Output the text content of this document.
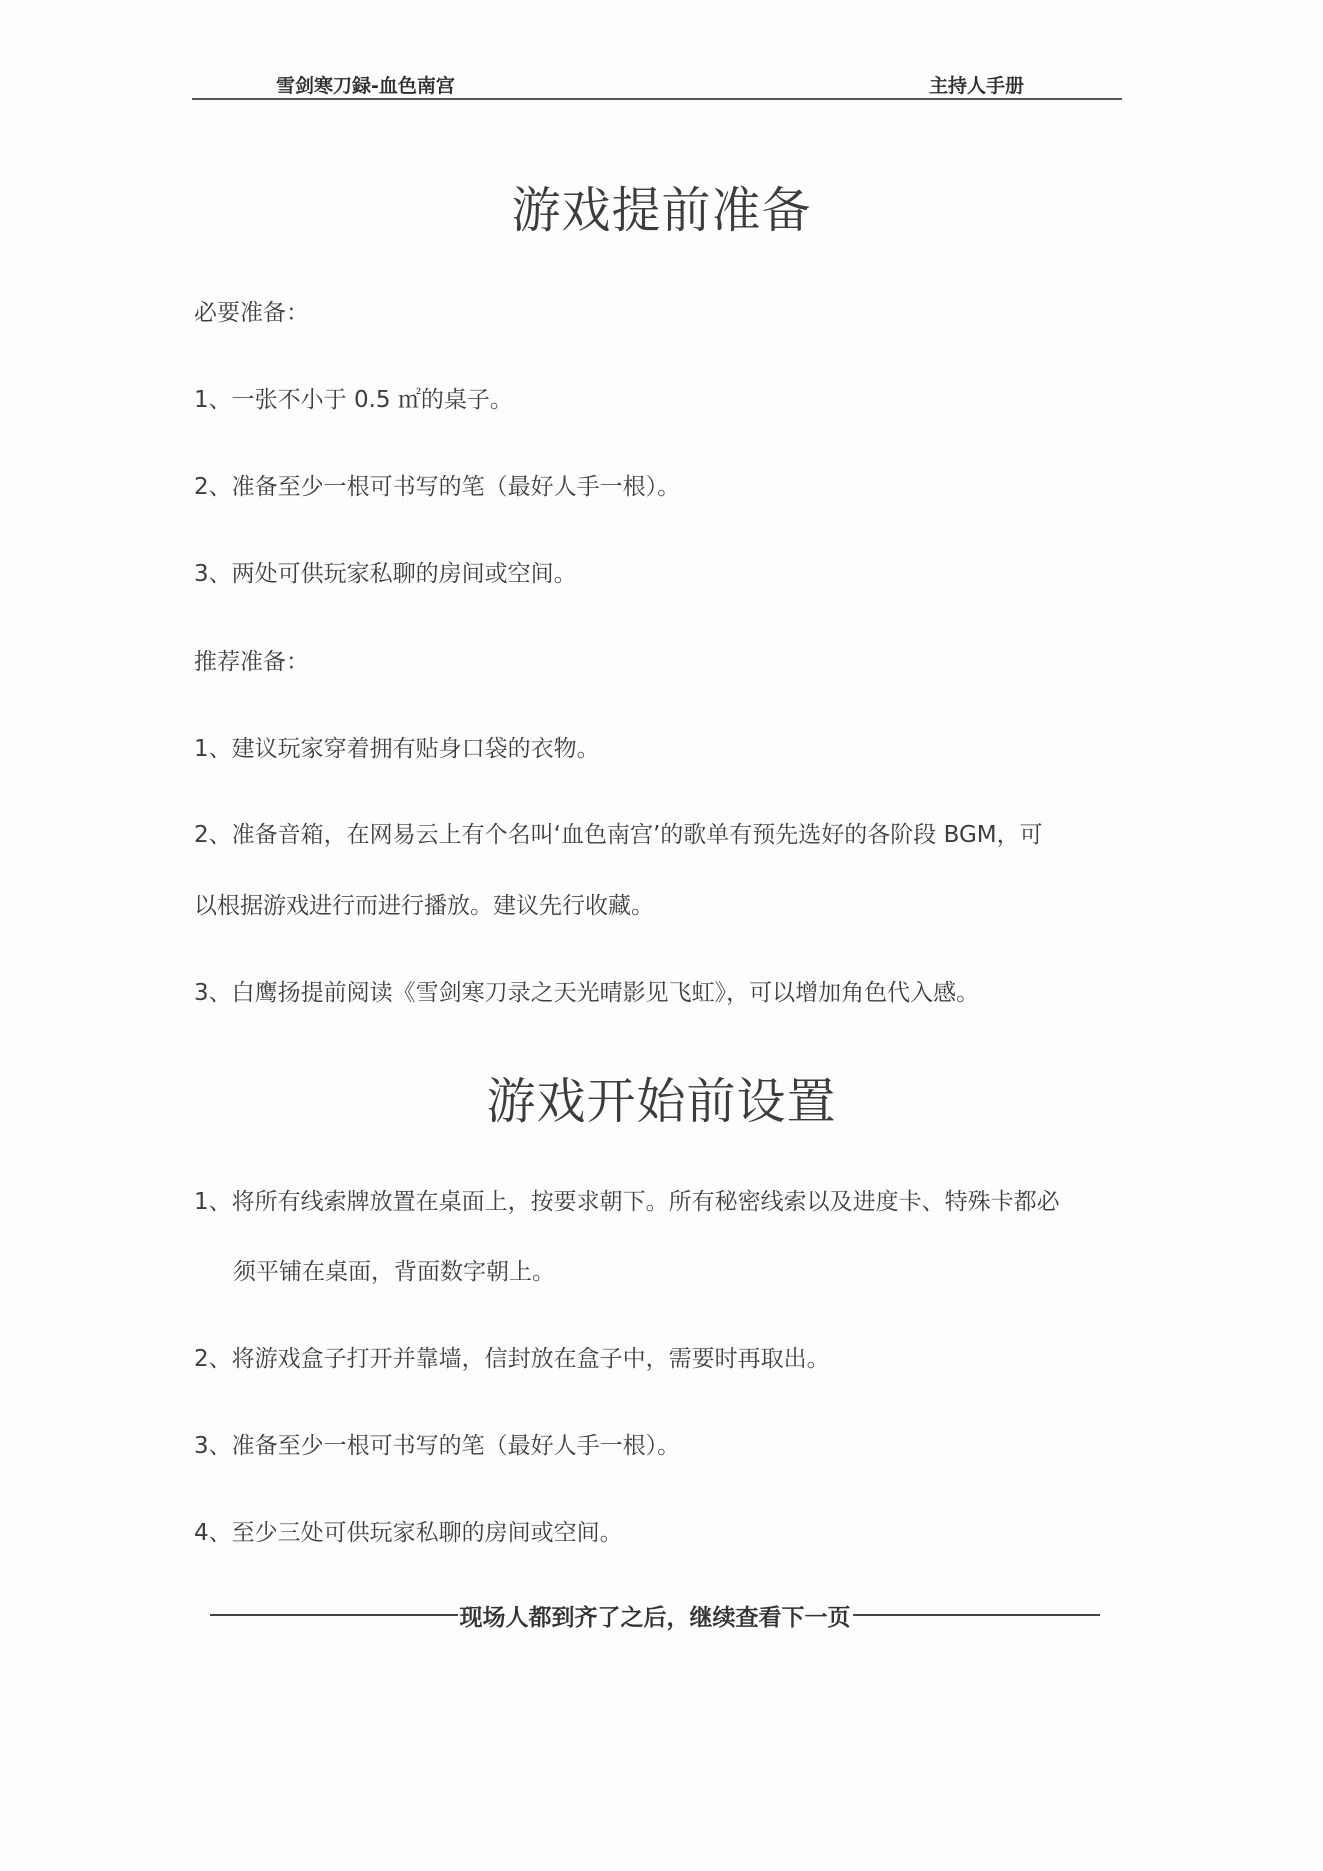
雪剑寒刀録-血色南宫	主持人手册
游戏提前准备
必要准备：
1、一张不小于 0.5 ㎡的桌子。
2、准备至少一根可书写的笔（最好人手一根）。
3、两处可供玩家私聊的房间或空间。
推荐准备：
1、建议玩家穿着拥有贴身口袋的衣物。
2、准备音箱，在网易云上有个名叫‘血色南宫’的歌单有预先选好的各阶段 BGM，可
以根据游戏进行而进行播放。建议先行收藏。
3、白鹰扬提前阅读《雪剑寒刀录之天光晴影见飞虹》，可以增加角色代入感。
游戏开始前设置
1、将所有线索牌放置在桌面上，按要求朝下。所有秘密线索以及进度卡、特殊卡都必
须平铺在桌面，背面数字朝上。
2、将游戏盒子打开并靠墙，信封放在盒子中，需要时再取出。
3、准备至少一根可书写的笔（最好人手一根）。
4、至少三处可供玩家私聊的房间或空间。
现场人都到齐了之后，继续查看下一页
